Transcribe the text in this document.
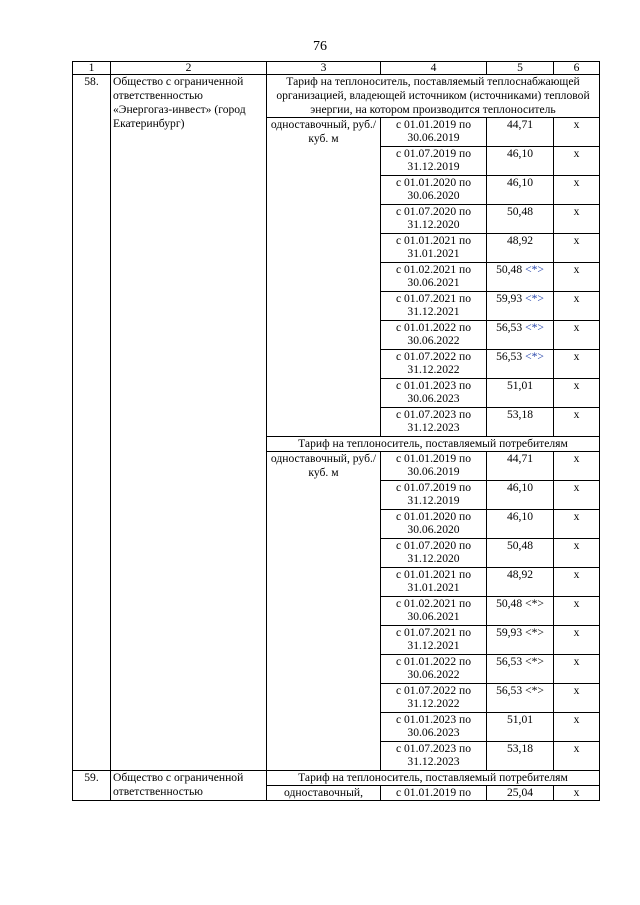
76
1	2	3	4	5	6
58.	Общество с ограниченной ответственностью «Энергогаз-инвест» (город Екатеринбург)	Тариф на теплоноситель, поставляемый теплоснабжающей организацией, владеющей источником (источниками) тепловой энергии, на котором производится теплоноситель			
		одноставочный, руб./куб. м	с 01.01.2019 по 30.06.2019	44,71	х
			с 01.07.2019 по 31.12.2019	46,10	х
			с 01.01.2020 по 30.06.2020	46,10	х
			с 01.07.2020 по 31.12.2020	50,48	х
			с 01.01.2021 по 31.01.2021	48,92	х
			с 01.02.2021 по 30.06.2021	50,48 <*>	х
			с 01.07.2021 по 31.12.2021	59,93 <*>	х
			с 01.01.2022 по 30.06.2022	56,53 <*>	х
			с 01.07.2022 по 31.12.2022	56,53 <*>	х
			с 01.01.2023 по 30.06.2023	51,01	х
			с 01.07.2023 по 31.12.2023	53,18	х
		Тариф на теплоноситель, поставляемый потребителям			
		одноставочный, руб./куб. м	с 01.01.2019 по 30.06.2019	44,71	х
			с 01.07.2019 по 31.12.2019	46,10	х
			с 01.01.2020 по 30.06.2020	46,10	х
			с 01.07.2020 по 31.12.2020	50,48	х
			с 01.01.2021 по 31.01.2021	48,92	х
			с 01.02.2021 по 30.06.2021	50,48 <*>	х
			с 01.07.2021 по 31.12.2021	59,93 <*>	х
			с 01.01.2022 по 30.06.2022	56,53 <*>	х
			с 01.07.2022 по 31.12.2022	56,53 <*>	х
			с 01.01.2023 по 30.06.2023	51,01	х
			с 01.07.2023 по 31.12.2023	53,18	х
59.	Общество с ограниченной ответственностью	Тариф на теплоноситель, поставляемый потребителям			
		одноставочный,	с 01.01.2019 по	25,04	х
